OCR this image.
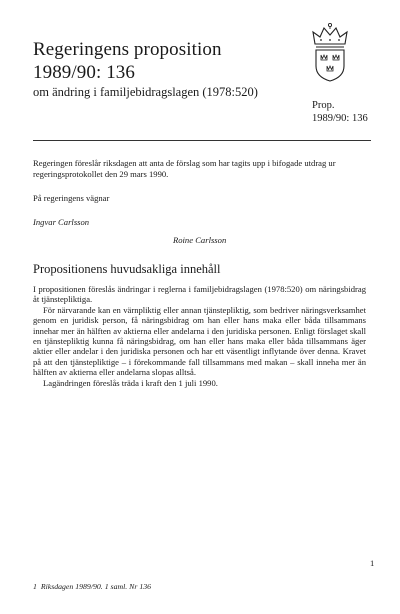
Regeringens proposition
1989/90: 136
om ändring i familjebidragslagen (1978:520)
Prop.
1989/90: 136
Regeringen föreslår riksdagen att anta de förslag som har tagits upp i bifogade utdrag ur regeringsprotokollet den 29 mars 1990.
På regeringens vägnar
Ingvar Carlsson
Roine Carlsson
Propositionens huvudsakliga innehåll

I propositionen föreslås ändringar i reglerna i familjebidragslagen (1978:520) om näringsbidrag åt tjänstepliktiga.

För närvarande kan en värnpliktig eller annan tjänstepliktig, som bedriver näringsverksamhet genom en juridisk person, få näringsbidrag om han eller hans maka eller båda tillsammans innehar mer än hälften av aktierna eller andelarna i den juridiska personen. Enligt förslaget skall en tjänstepliktig kunna få näringsbidrag, om han eller hans maka eller båda tillsammans äger aktier eller andelar i den juridiska personen och har ett väsentligt inflytande över denna. Kravet på att den tjänstepliktige – i förekommande fall tillsammans med makan – skall inneha mer än hälften av aktierna eller andelarna slopas alltså.

Lagändringen föreslås träda i kraft den 1 juli 1990.

1
1 Riksdagen 1989/90. 1 saml. Nr 136
